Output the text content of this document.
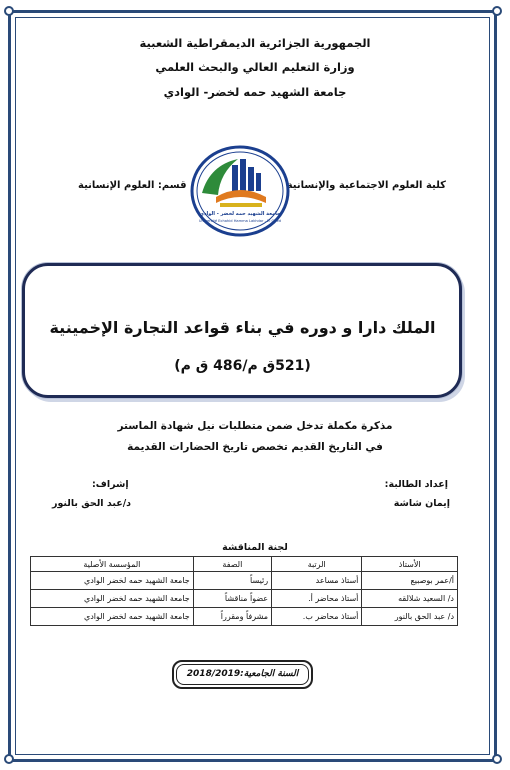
الجمهورية الجزائرية الديمقراطية الشعبية
وزارة التعليم العالي والبحث العلمي
جامعة الشهيد حمه لخضر- الوادي
كلية العلوم الاجتماعية والإنسانية
قسم: العلوم الإنسانية
جامعة الشهيد حمه لخضر - الوادي
Université Echahid Hamma Lakhdar - El Oued
الملك دارا و دوره في بناء قواعد التجارة الإخمينية
(521ق م/486 ق م)
مذكرة مكملة تدخل ضمن متطلبات نيل شهادة الماستر
في التاريخ القديم تخصص تاريخ الحضارات القديمة
إعداد الطالبة:
إيمان شاشة
إشراف:
د/عبد الحق بالنور
لجنة المناقشة
الأستاذ	الرتبة	الصفة	المؤسسة الأصلية
أ/عمر بوصبيع	أستاذ مساعد	رئيساً	جامعة الشهيد حمه لخضر الوادي
د/ السعيد شلالقه	أستاذ محاضر أ.	عضواً مناقشاً	جامعة الشهيد حمه لخضر الوادي
د/ عبد الحق بالنور	أستاذ محاضر ب.	مشرفاً ومقرراً	جامعة الشهيد حمه لخضر الوادي
السنة الجامعية:2018/2019
